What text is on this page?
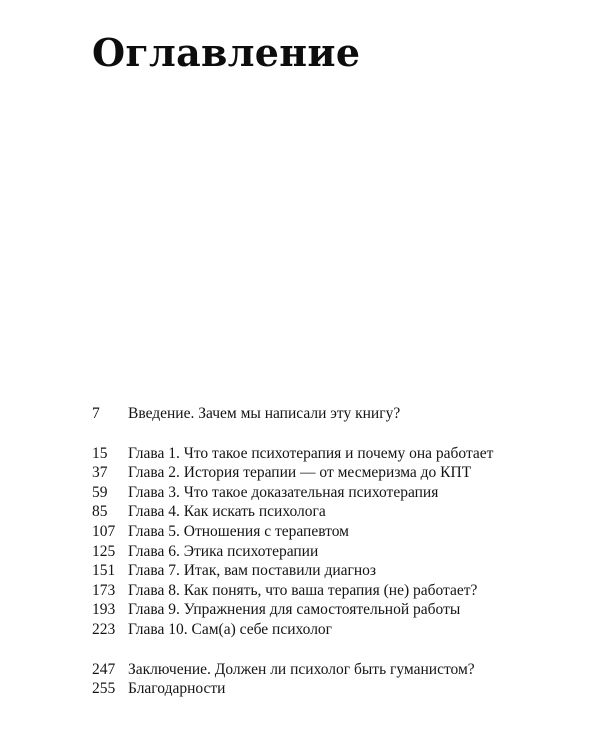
Оглавление
7	Введение. Зачем мы написали эту книгу?
15	Глава 1. Что такое психотерапия и почему она работает
37	Глава 2. История терапии — от месмеризма до КПТ
59	Глава 3. Что такое доказательная психотерапия
85	Глава 4. Как искать психолога
107 Глава 5. Отношения с терапевтом
125 Глава 6. Этика психотерапии
151 Глава 7. Итак, вам поставили диагноз
173 Глава 8. Как понять, что ваша терапия (не) работает?
193 Глава 9. Упражнения для самостоятельной работы
223 Глава 10. Сам(а) себе психолог
247 Заключение. Должен ли психолог быть гуманистом?
255 Благодарности
